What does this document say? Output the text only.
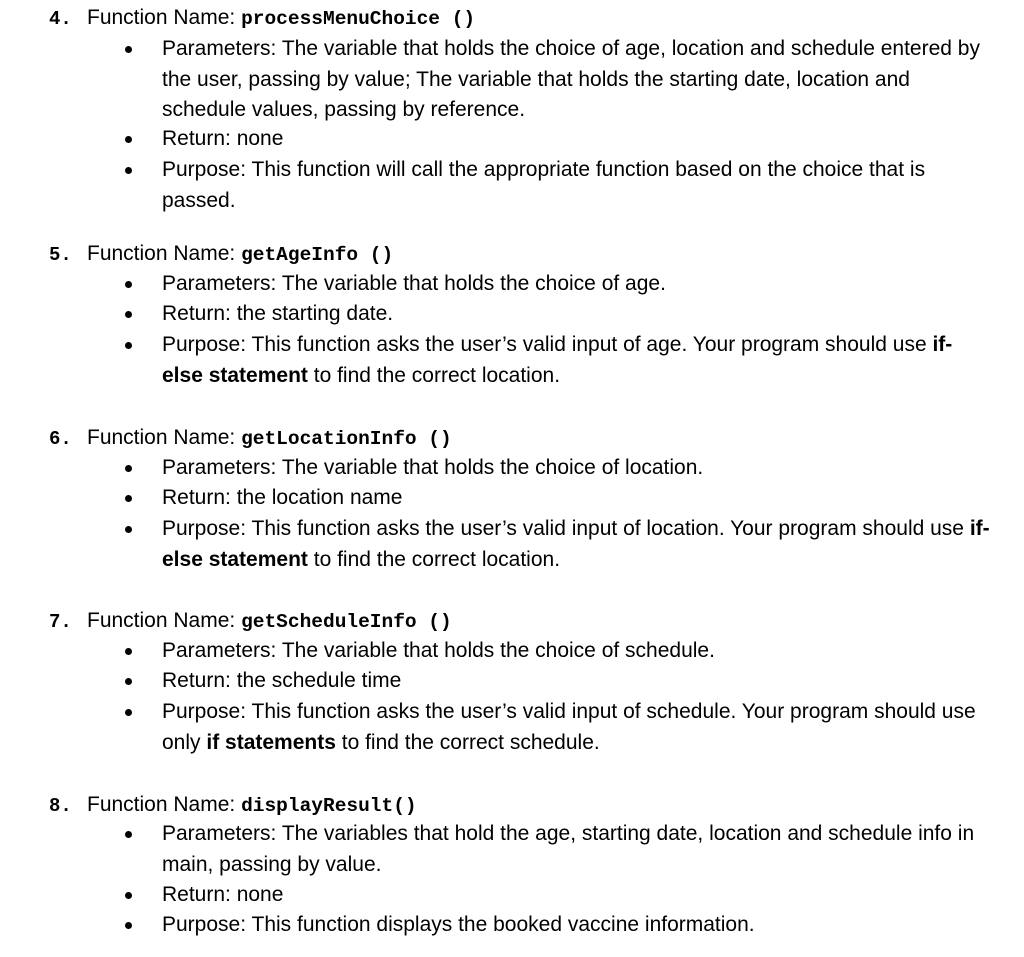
4. Function Name: processMenuChoice ()
Parameters: The variable that holds the choice of age, location and schedule entered by the user, passing by value; The variable that holds the starting date, location and schedule values, passing by reference.
Return: none
Purpose: This function will call the appropriate function based on the choice that is passed.
5. Function Name: getAgeInfo ()
Parameters: The variable that holds the choice of age.
Return: the starting date.
Purpose: This function asks the user’s valid input of age. Your program should use if-else statement to find the correct location.
6. Function Name: getLocationInfo ()
Parameters: The variable that holds the choice of location.
Return: the location name
Purpose: This function asks the user’s valid input of location. Your program should use if-else statement to find the correct location.
7. Function Name: getScheduleInfo ()
Parameters: The variable that holds the choice of schedule.
Return: the schedule time
Purpose: This function asks the user’s valid input of schedule. Your program should use only if statements to find the correct schedule.
8. Function Name: displayResult()
Parameters: The variables that hold the age, starting date, location and schedule info in main, passing by value.
Return: none
Purpose: This function displays the booked vaccine information.
